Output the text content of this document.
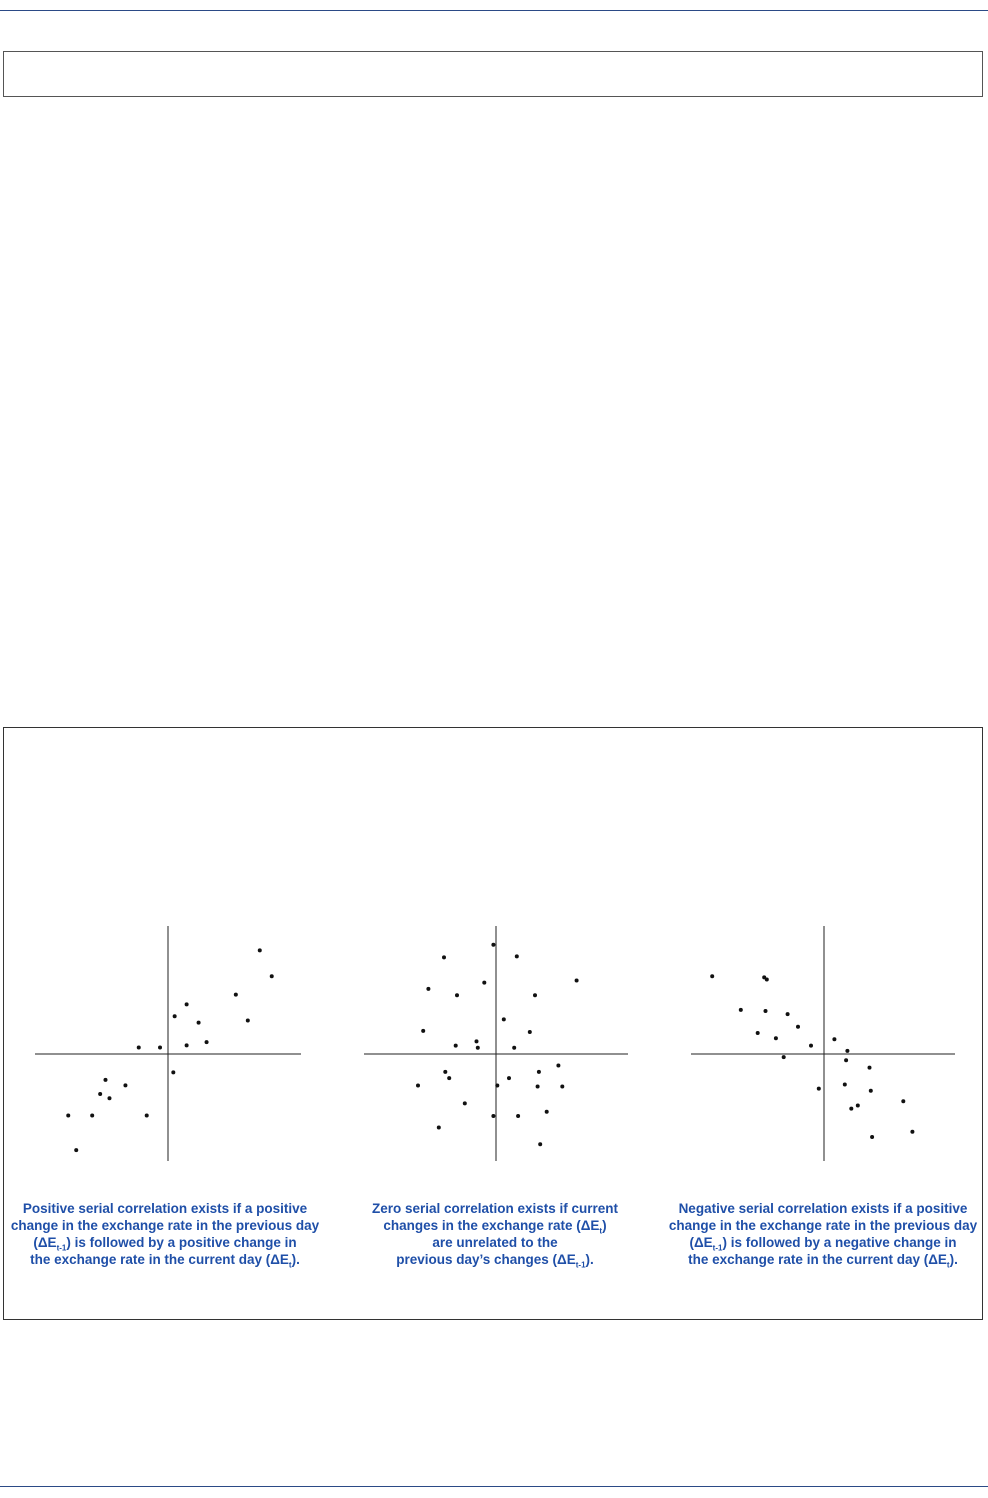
Positive serial correlation exists if a positive
change in the exchange rate in the previous day
$(\Delta E_{t-1})$ is followed by a positive change in
the exchange rate in the current day $(\Delta E_t)$.
Zero serial correlation exists if current
changes in the exchange rate $(\Delta E_t)$
are unrelated to the
previous day’s changes $(\Delta E_{t-1})$.
Negative serial correlation exists if a positive
change in the exchange rate in the previous day
$(\Delta E_{t-1})$ is followed by a negative change in
the exchange rate in the current day $(\Delta E_t)$.
